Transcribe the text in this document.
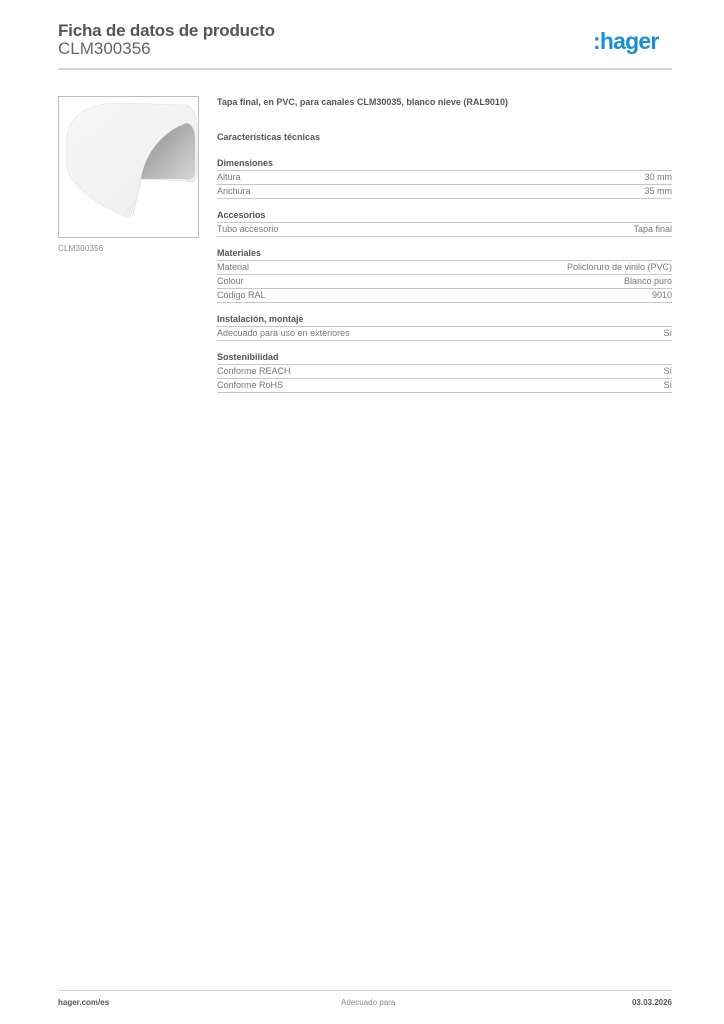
Ficha de datos de producto
CLM300356	:hager
CLM300356
Tapa final, en PVC, para canales CLM30035, blanco nieve (RAL9010)
Características técnicas
Dimensiones
Altura	30 mm
Anchura	35 mm
Accesorios
Tubo accesorio	Tapa final
Materiales
Material	Policloruro de vinilo (PVC)
Colour	Blanco puro
Código RAL	9010
Instalación, montaje
Adecuado para uso en exteriores	Sí
Sostenibilidad
Conforme REACH	Sí
Conforme RoHS	Sí
hager.com/es	Adecuado para	03.03.2026
